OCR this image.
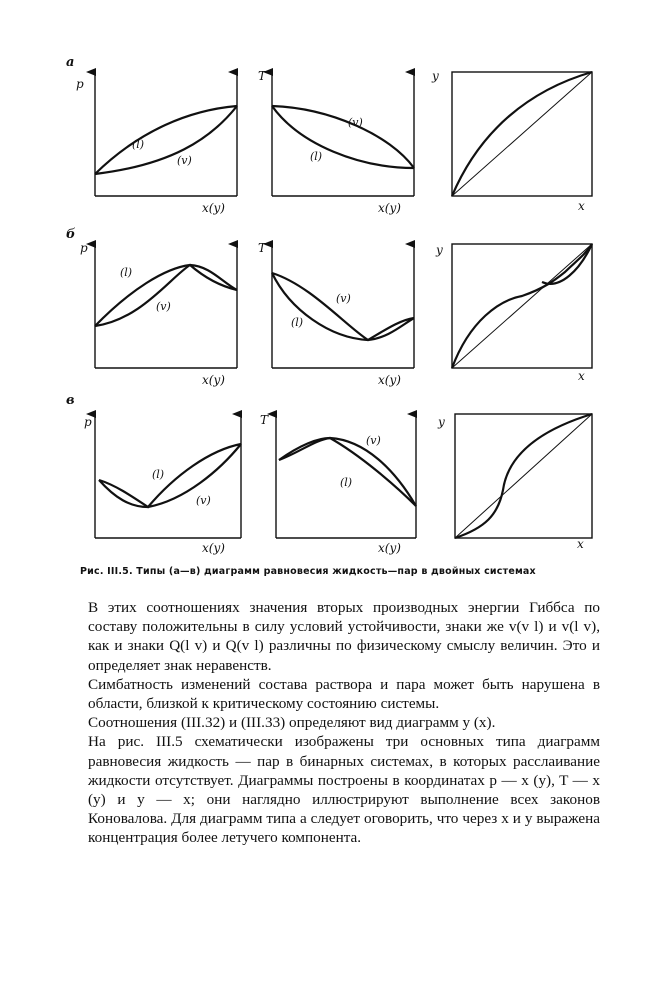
а
б
в
p
T	y
x(y)	x(y)	x
p	T	y
x(y)	x(y)	x
p	T	y
x(y)	x(y)	x
(l)
(v)
(v)
(l)
(l)
(v)
(v)
(l)
(l)
(v)
(v)
(l)
Рис. III.5. Типы (а—в) диаграмм равновесия жидкость—пар в двойных системах

В этих соотношениях значения вторых производных энергии Гиббса по составу положительны в силу условий устойчивости, знаки же v(v l) и v(l v), как и знаки Q(l v) и Q(v l) различны по физическому смыслу величин. Это и определяет знак неравенств.

Симбатность изменений состава раствора и пара может быть нарушена в области, близкой к критическому состоянию системы.

Соотношения (III.32) и (III.33) определяют вид диаграмм y (x).

На рис. III.5 схематически изображены три основных типа диаграмм равновесия жидкость — пар в бинарных системах, в которых расслаивание жидкости отсутствует. Диаграммы построены в координатах p — x (y), T — x (y) и y — x; они наглядно иллюстрируют выполнение всех законов Коновалова. Для диаграмм типа а следует оговорить, что через x и y выражена концентрация более летучего компонента.
